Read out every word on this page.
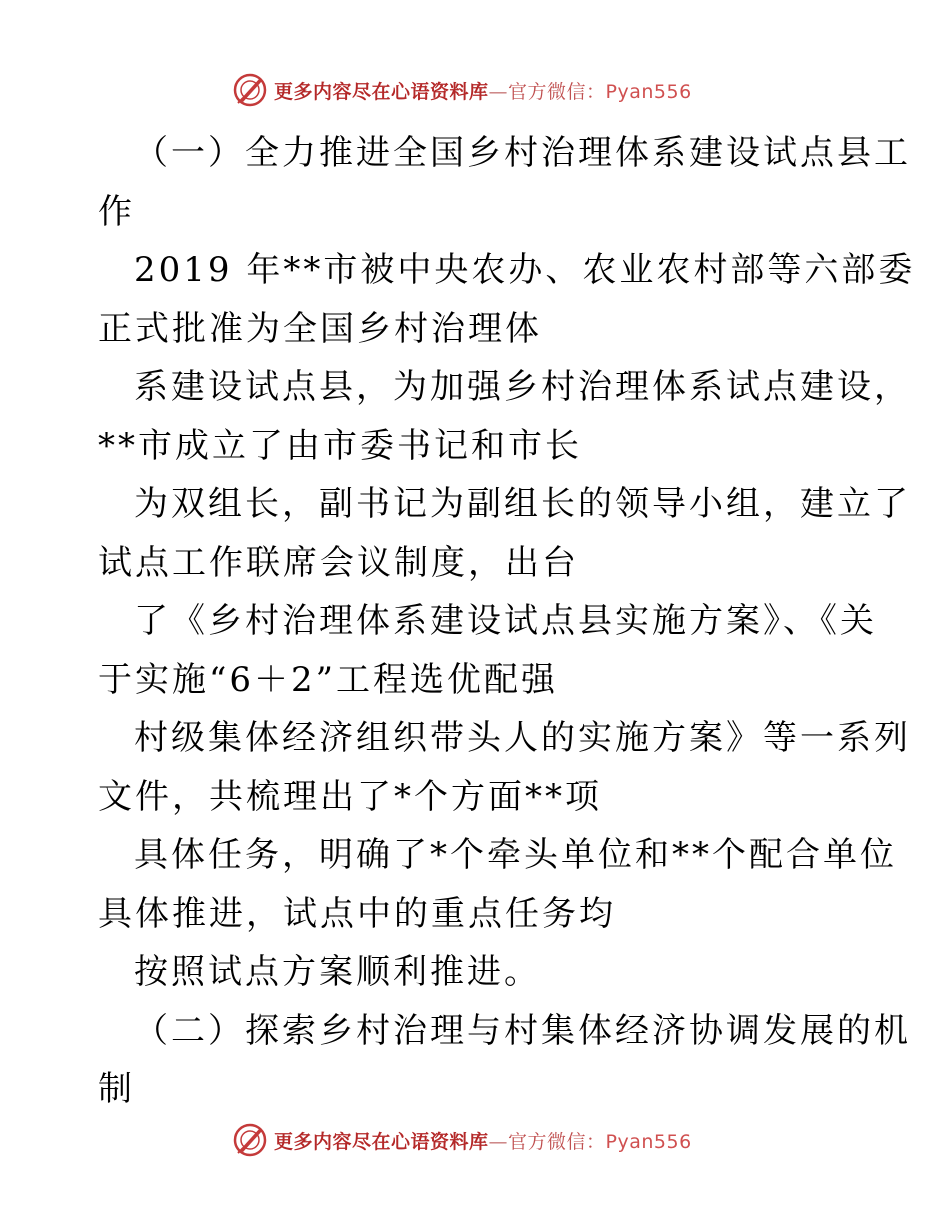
更多内容尽在心语资料库—官方微信：Pyan556
（一）全力推进全国乡村治理体系建设试点县工
作
2019 年**市被中央农办、农业农村部等六部委
正式批准为全国乡村治理体
系建设试点县，为加强乡村治理体系试点建设，
**市成立了由市委书记和市长
为双组长，副书记为副组长的领导小组，建立了
试点工作联席会议制度，出台
了《乡村治理体系建设试点县实施方案》、《关
于实施“6＋2”工程选优配强
村级集体经济组织带头人的实施方案》等一系列
文件，共梳理出了*个方面**项
具体任务，明确了*个牵头单位和**个配合单位
具体推进，试点中的重点任务均
按照试点方案顺利推进。
（二）探索乡村治理与村集体经济协调发展的机
制
更多内容尽在心语资料库—官方微信：Pyan556
